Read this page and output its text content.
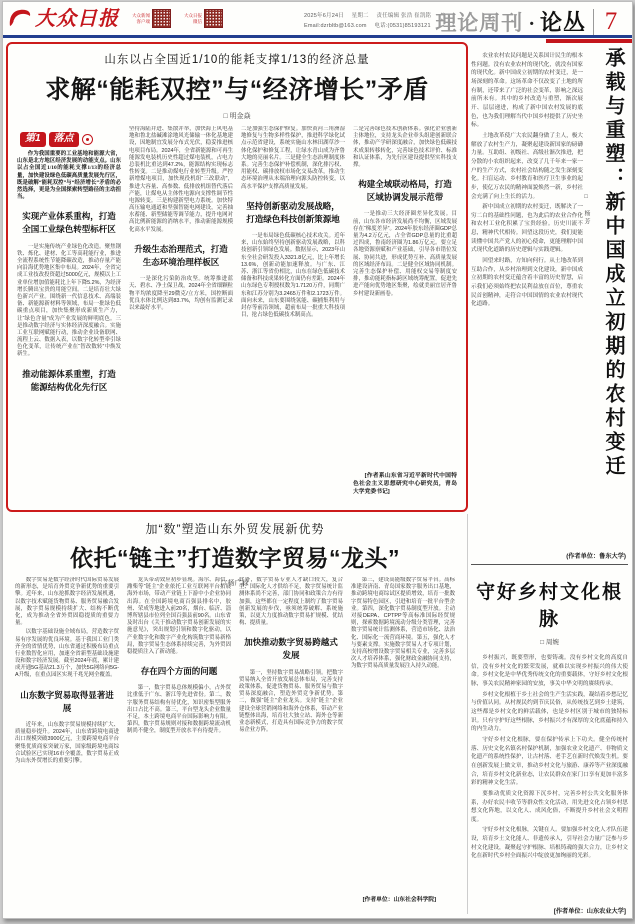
大众日报	大众新闻
客户端
大众日报
微信
2025年6月24日 星期二 责任编辑 张浩 崔凯铭
Email:dzrbltb@163.com 电话:(0531)85193121 理论周刊 · 论丛 7
山东以占全国近1/10的能耗支撑1/13的经济总量
求解“能耗双控”与“经济增长”矛盾
□ 明金焱
第1	落点

作为我国重要的工业基地和能源大省，山东是北方地区经济发展的动能支点。山东以占全国近1/10的能耗支撑1/13的经济总量，加快建设绿色低碳高质量发展先行区，既是破解“能耗双控”与“经济增长”矛盾的必然选择，更是为全国探索转型路径的主动担当。

实现产业体系重构，打造全国工业绿色转型标杆区

一是实施传统产业绿色化改造。聚焦钢铁、炼化、建材、化工等高耗能行业，推进全流程系统性节能降碳改造，推动存量产能向沿海优势地区集中布局。2024年，全省完成工业技改投资超过5000亿元，规模以上工业单位增加值能耗比上年下降5.2%，为经济增长腾出宝贵的用能空间。二是培育壮大绿色新兴产业。围绕新一代信息技术、高端装备、新能源新材料等领域，布局一批绿色低碳重点项目，加快集聚形成新质生产力，让“绿色含量”成为产业发展的鲜明底色。三是推动数字经济与实体经济深度融合。实施工业互联网赋能行动，推动企业设备联网、流程上云、数据入表，以数字化转型牵引绿色化变革，让传统产业在“智改数转”中焕发新生。

推动能源体系重塑，打造能源结构优化先行区

坚持海陆并进、集散并举，加快海上风电基地和鲁北盐碱滩涂地风光储输一体化基地建设，因地制宜发展分布式光伏，稳妥推进核电项目布局。2024年，全省新能源和可再生能源发电装机历史性超过煤电装机，占电力总装机比重达到47.2%，能源结构实现标志性转变。二是推动煤电行业转型升级。严控新增煤电项目，加快现役机组“三改联动”，推进大容量、高参数、低排放机组替代落后产能，让煤电从主体性电源向支撑性调节性电源转变。三是构建新型电力系统。加快特高压输电通道和坚强智能电网建设，完善抽水蓄能、新型储能等调节能力，提升电网对高比例新能源的消纳水平，推动新能源规模化高水平发展。

升级生态治理范式，打造生态环境治理样板区

一是深化污染防治攻坚。统筹推进蓝天、碧水、净土保卫战，2024年全省细颗粒物平均浓度降至29微克/立方米，国控断面优良水体比例达到83.7%，均创有监测记录以来最好水平。

二是加强生态保护修复。加快黄河三角洲湿地修复与生物多样性保护，推进科学绿化试点示范省建设，系统实施山水林田湖草沙一体化保护和修复工程，让绿水青山成为齐鲁大地的亮丽名片。三是健全生态治理制度体系。完善生态保护补偿机制，深化排污权、用能权、碳排放权市场化交易改革，推动生态环境治理从末端治理向源头防控转变，以高水平保护支撑高质量发展。

坚持创新驱动发展战略，打造绿色科技创新策源地

一是布局绿色低碳核心技术攻关。近年来，山东始终坚持创新驱动发展战略，以科技创新引领绿色发展。数据显示，2023年山东全社会研发投入3321.8亿元，比上年增长13.6%，创新动能加速释放。与广东、江苏、浙江等省份相比，山东在绿色低碳技术储备和科技成果转化方面仍有差距。2024年山东绿色专利授权数为1.7120万件，同期广东和江苏分别为3.2465万件和2.1723万件。面向未来，山东要围绕氢能、碳捕集利用与封存等前沿领域，超前布局一批重大科技项目，抢占绿色低碳技术制高点。

二是完善绿色技术创新体系。强化企业创新主体地位，支持龙头企业牵头组建创新联合体，推动产学研深度融合，加快绿色低碳技术成果转移转化，完善绿色技术评价、标准和认证体系，为先行区建设提供坚实科技支撑。

构建全域联动格局，打造区域协调发展示范带

一是推动三大经济圈差异化发展。目前，山东各市经济发展尚不均衡，区域发展存在“梯度差异”。2024年胶东经济圈GDP总量为4.2万亿元，占全省GDP总量的比重超过四成，鲁南经济圈为1.86万亿元。要立足各地资源禀赋和产业基础，引导各市错位发展、协同共进，形成优势互补、高质量发展的区域经济布局。二是健全区域协同机制。完善生态保护补偿、用能权交易等制度安排，推动能耗指标跨区域统筹配置，促进先进产能向优势地区集聚，绘就美丽宜居齐鲁乡村建设新画卷。

[作者系山东省习近平新时代中国特色社会主义思想研究中心研究员，青岛大学党委书记]

加“数”塑造山东外贸发展新优势
依托“链主”打造数字贸易“龙头”
□ 杨广禄

数字贸易是数字经济时代国际贸易发展的新形态，是培育外贸竞争新优势的重要引擎。近年来，山东抢抓数字经济发展机遇，以数字技术赋能货物贸易、服务贸易融合发展，数字贸易规模持续扩大、结构不断优化，成为推动全省外贸固稳提质的重要力量。

以数字基础设施全域布局，营造数字贸易有序发展的优良环境。基于我国工业门类齐全的省情优势，山东省通过积极布局重点行业数智化应用，加速全省新型基础设施建设和数字经济发展。截至2024年底，累计建成开通5G基站21.3万个，加快5G网络向5G-A升级，在重点园区实现千兆光网全覆盖。

山东数字贸易取得显著进展

近年来，山东数字贸易规模持续扩大、质量稳步提升。2024年，山东省跨境电商进出口规模突破3900亿元，主要跨境电商平台聚集优质商家突破万家，国家级跨境电商综合试验区已实现16市全覆盖，数字贸易正成为山东外贸增长的重要引擎。

龙头带动效应初步显现。海尔、海信、潍柴等“链主”企业依托工业互联网平台拓展海外市场，带动产业链上下游中小企业协同出海。在全国跨境电商百强县排名中，胶州、荣成等地进入前20名，烟台、临沂、淄博所辖县市位列全国百强县前90名。山东省及时出台《关于推动数字贸易创新发展的实施意见》，突出规划引领和数字化驱动，以产业数字化和数字产业化构筑数字贸易新格局，数字贸易生态体系持续完善，为外贸固稳提质注入了新动能。

存在四个方面的问题

第一，数字贸易总体规模偏小，占外贸比重低于广东、浙江等先进省份。第二，数字服务贸易结构有待优化，知识密集型服务出口占比不高。第三，平台型龙头企业数量不足，本土跨境电商平台国际影响力有限。第四，数字贸易规则对接和数据跨境流动机制尚不健全，制度型开放水平有待提升。

此外，数字贸易专业人才缺口较大，复合型、国际化人才供给不足，数字贸易统计监测体系尚不完善，部门协同和政策合力有待加强，这些都在一定程度上制约了数字贸易创新发展的步伐，亟须统筹破解、系统施策，以更大力度推动数字贸易扩规模、优结构、提质量。

加快推动数字贸易跨越式发展

第一，坚持数字贸易战略引领。把数字贸易纳入全省开放发展总体布局，完善支持政策体系，促进货物贸易、服务贸易与数字贸易深度融合，塑造外贸竞争新优势。第二，做强“链主”企业龙头。支持“链主”企业建设全球营销网络和海外仓体系，带动产业链整体出海，培育壮大独立站、海外仓等新业态新模式，打造具有国际竞争力的数字贸易企业方阵。

第三，建设高能级数字贸易平台。高标准建设济南、青岛国家数字服务出口基地，推动跨境电商综试区提质增效，培育一批数字贸易特色园区，引进和培育一批平台型企业。第四，深化数字贸易制度型开放。主动对接DEPA、CPTPP等高标准国际经贸规则，探索数据跨境流动分级分类管理，完善数字贸易统计监测体系，营造市场化、法治化、国际化一流营商环境。第五，强化人才与要素支撑。实施数字贸易人才专项计划，支持高校增设数字贸易相关专业，完善多层次人才培养体系，强化财政金融协同支持，为数字贸易高质量发展注入持久动能。

[作者单位：山东社会科学院]

农业农村农民问题是关系国计民生的根本性问题。没有农业农村的现代化，就没有国家的现代化。新中国成立初期的农村变迁，是一场深刻的革命。这场革命不仅改变了土地的所有制，还带来了广泛的社会变革，影响之深远前所未有。其中的乡村改造与重塑，渐次展开、层层递进，构成了新中国农村发展的底色，也为我们理解当代中国乡村提供了历史坐标。

土地改革使广大农民翻身做了主人，极大解放了农村生产力，凝聚起建设新国家的磅礴力量。互助组、初级社、高级社渐次推进，把分散的小农组织起来，改变了几千年来一家一户的生产方式，农村社会结构随之发生深刻变化。扫盲运动、乡村教育和医疗卫生事业的起步，使亿万农民的精神面貌焕然一新，乡村社会充满了向上生长的活力。

新中国成立初期的农村变迁，既解决了一穷二白的基础性问题，也为此后的农业合作化和农村工业化积累了宝贵经验。历史川流不息，精神代代相传。回望这段历史，我们更能读懂中国共产党人的初心使命，更能理解中国式现代化道路的历史逻辑与实践逻辑。

回望来时路，方知向何行。从土地改革到互助合作，从乡村治理到文化建设，新中国成立初期的农村变迁蕴含着丰富的历史智慧，启示我们必须始终把农民利益放在首位，尊重农民首创精神，走符合中国国情的农业农村现代化道路。

□ 杨芳 承载与重塑：新中国成立初期的农村变迁
(作者单位：鲁东大学)
守好乡村文化根脉
□ 周婉

乡村振兴，既要塑形，也要铸魂。没有乡村文化的高度自信，没有乡村文化的繁荣发展，就难以实现乡村振兴的伟大使命。乡村文化是中华优秀传统文化的重要载体，守好乡村文化根脉，事关农民精神家园的安放，事关中华文明的赓续传承。

乡村文化根植于乡土社会的生产生活实践，凝结着乡愁记忆与价值认同。从村规民约到节庆民俗，从传统技艺到乡土建筑，这些都是乡村文化的鲜活载体，也是乡村区别于城市的独特标识。只有守护好这些根脉，乡村振兴才有深厚的文化底蕴和持久的内生动力。

守好乡村文化根脉，要在保护传承上下功夫。健全传统村落、历史文化名镇名村保护机制，加强农业文化遗产、非物质文化遗产的系统性保护，让古村落、老手艺在新时代焕发生机。要在创新发展上做文章，推动乡村文化与旅游、康养等产业深度融合，培育乡村文化新业态，让农民群众在家门口享有更加丰富多彩的精神文化生活。

要推动优质文化资源下沉乡村，完善乡村公共文化服务体系，办好农民丰收节等群众性文化活动，用先进文化占领乡村思想文化阵地，以文化人、成风化俗，不断提升乡村社会文明程度。

守好乡村文化根脉，关键在人。要加强乡村文化人才队伍建设，培育乡土文化能人、非遗传承人，引导社会力量广泛参与乡村文化建设，凝聚起守护根脉、培根铸魂的强大合力，让乡村文化在新时代乡村全面振兴中绽放更加绚丽的光彩。

[作者单位：山东农业大学]
